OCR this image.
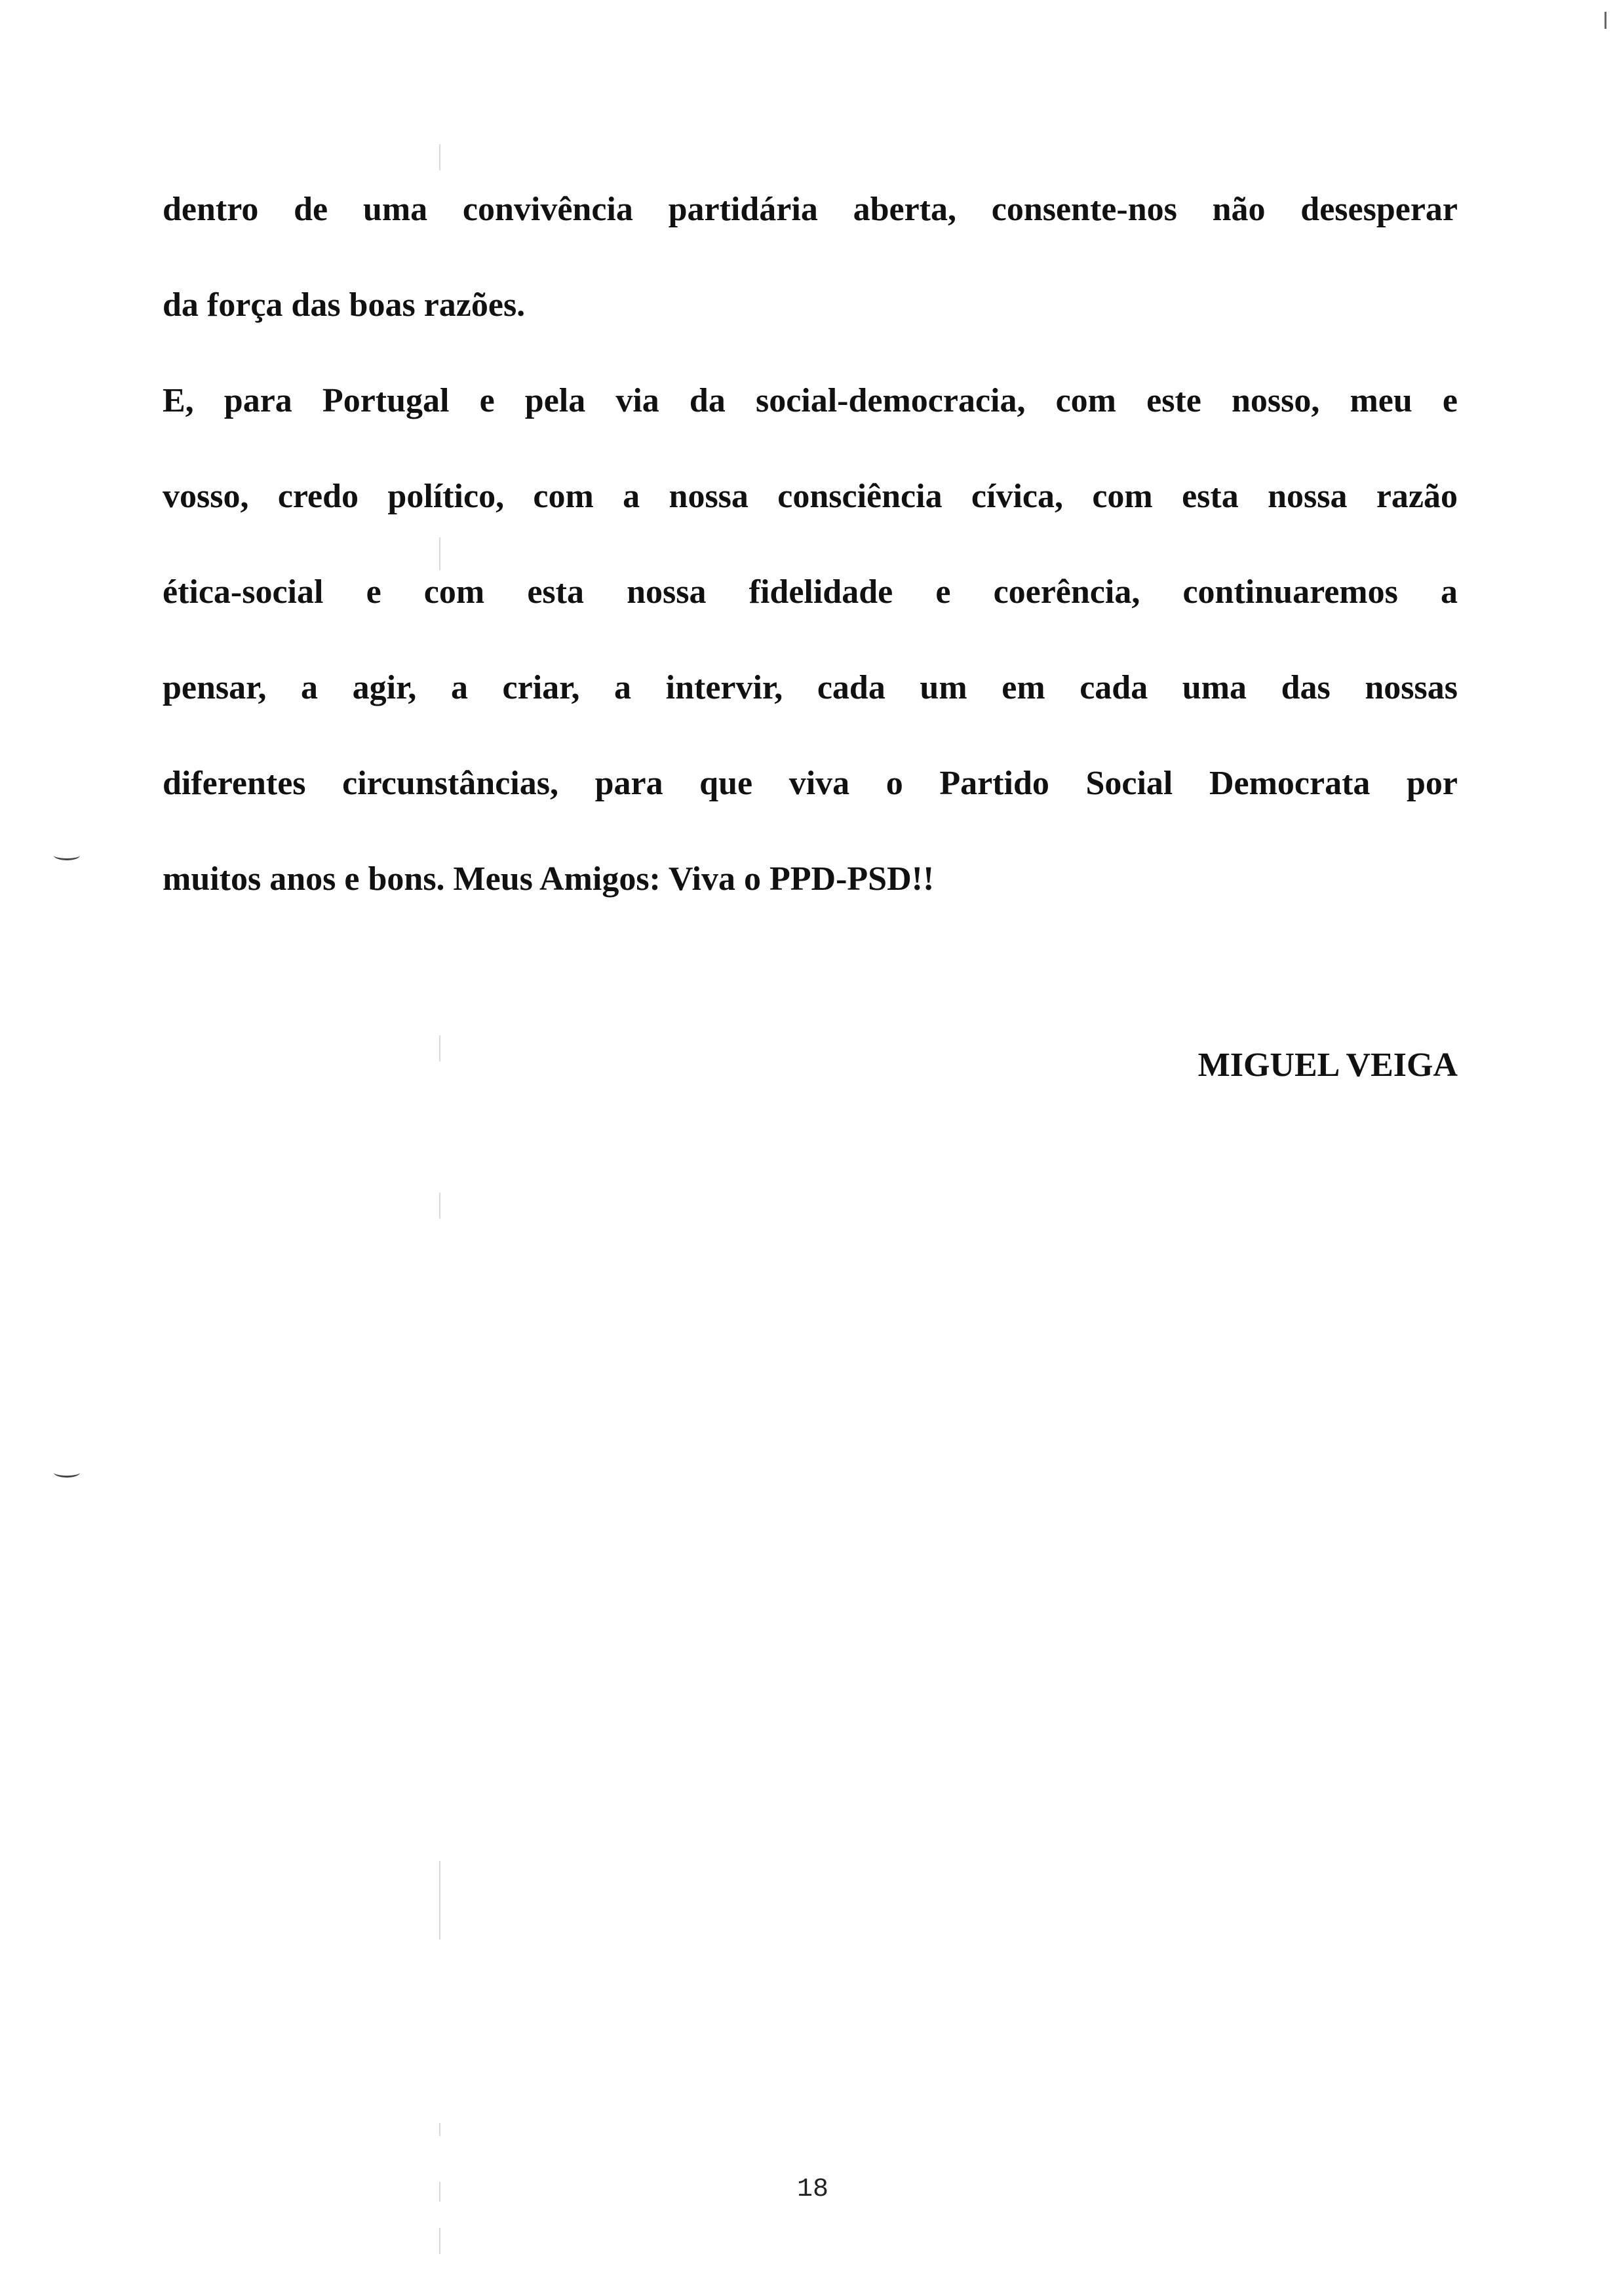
dentro de uma convivência partidária aberta, consente-nos não desesperar
da força das boas razões.
E, para Portugal e pela via da social-democracia, com este nosso, meu e
vosso, credo político, com a nossa consciência cívica, com esta nossa razão
ética-social e com esta nossa fidelidade e coerência, continuaremos a
pensar, a agir, a criar, a intervir, cada um em cada uma das nossas
diferentes circunstâncias, para que viva o Partido Social Democrata por
muitos anos e bons. Meus Amigos: Viva o PPD-PSD!!
MIGUEL VEIGA
18
